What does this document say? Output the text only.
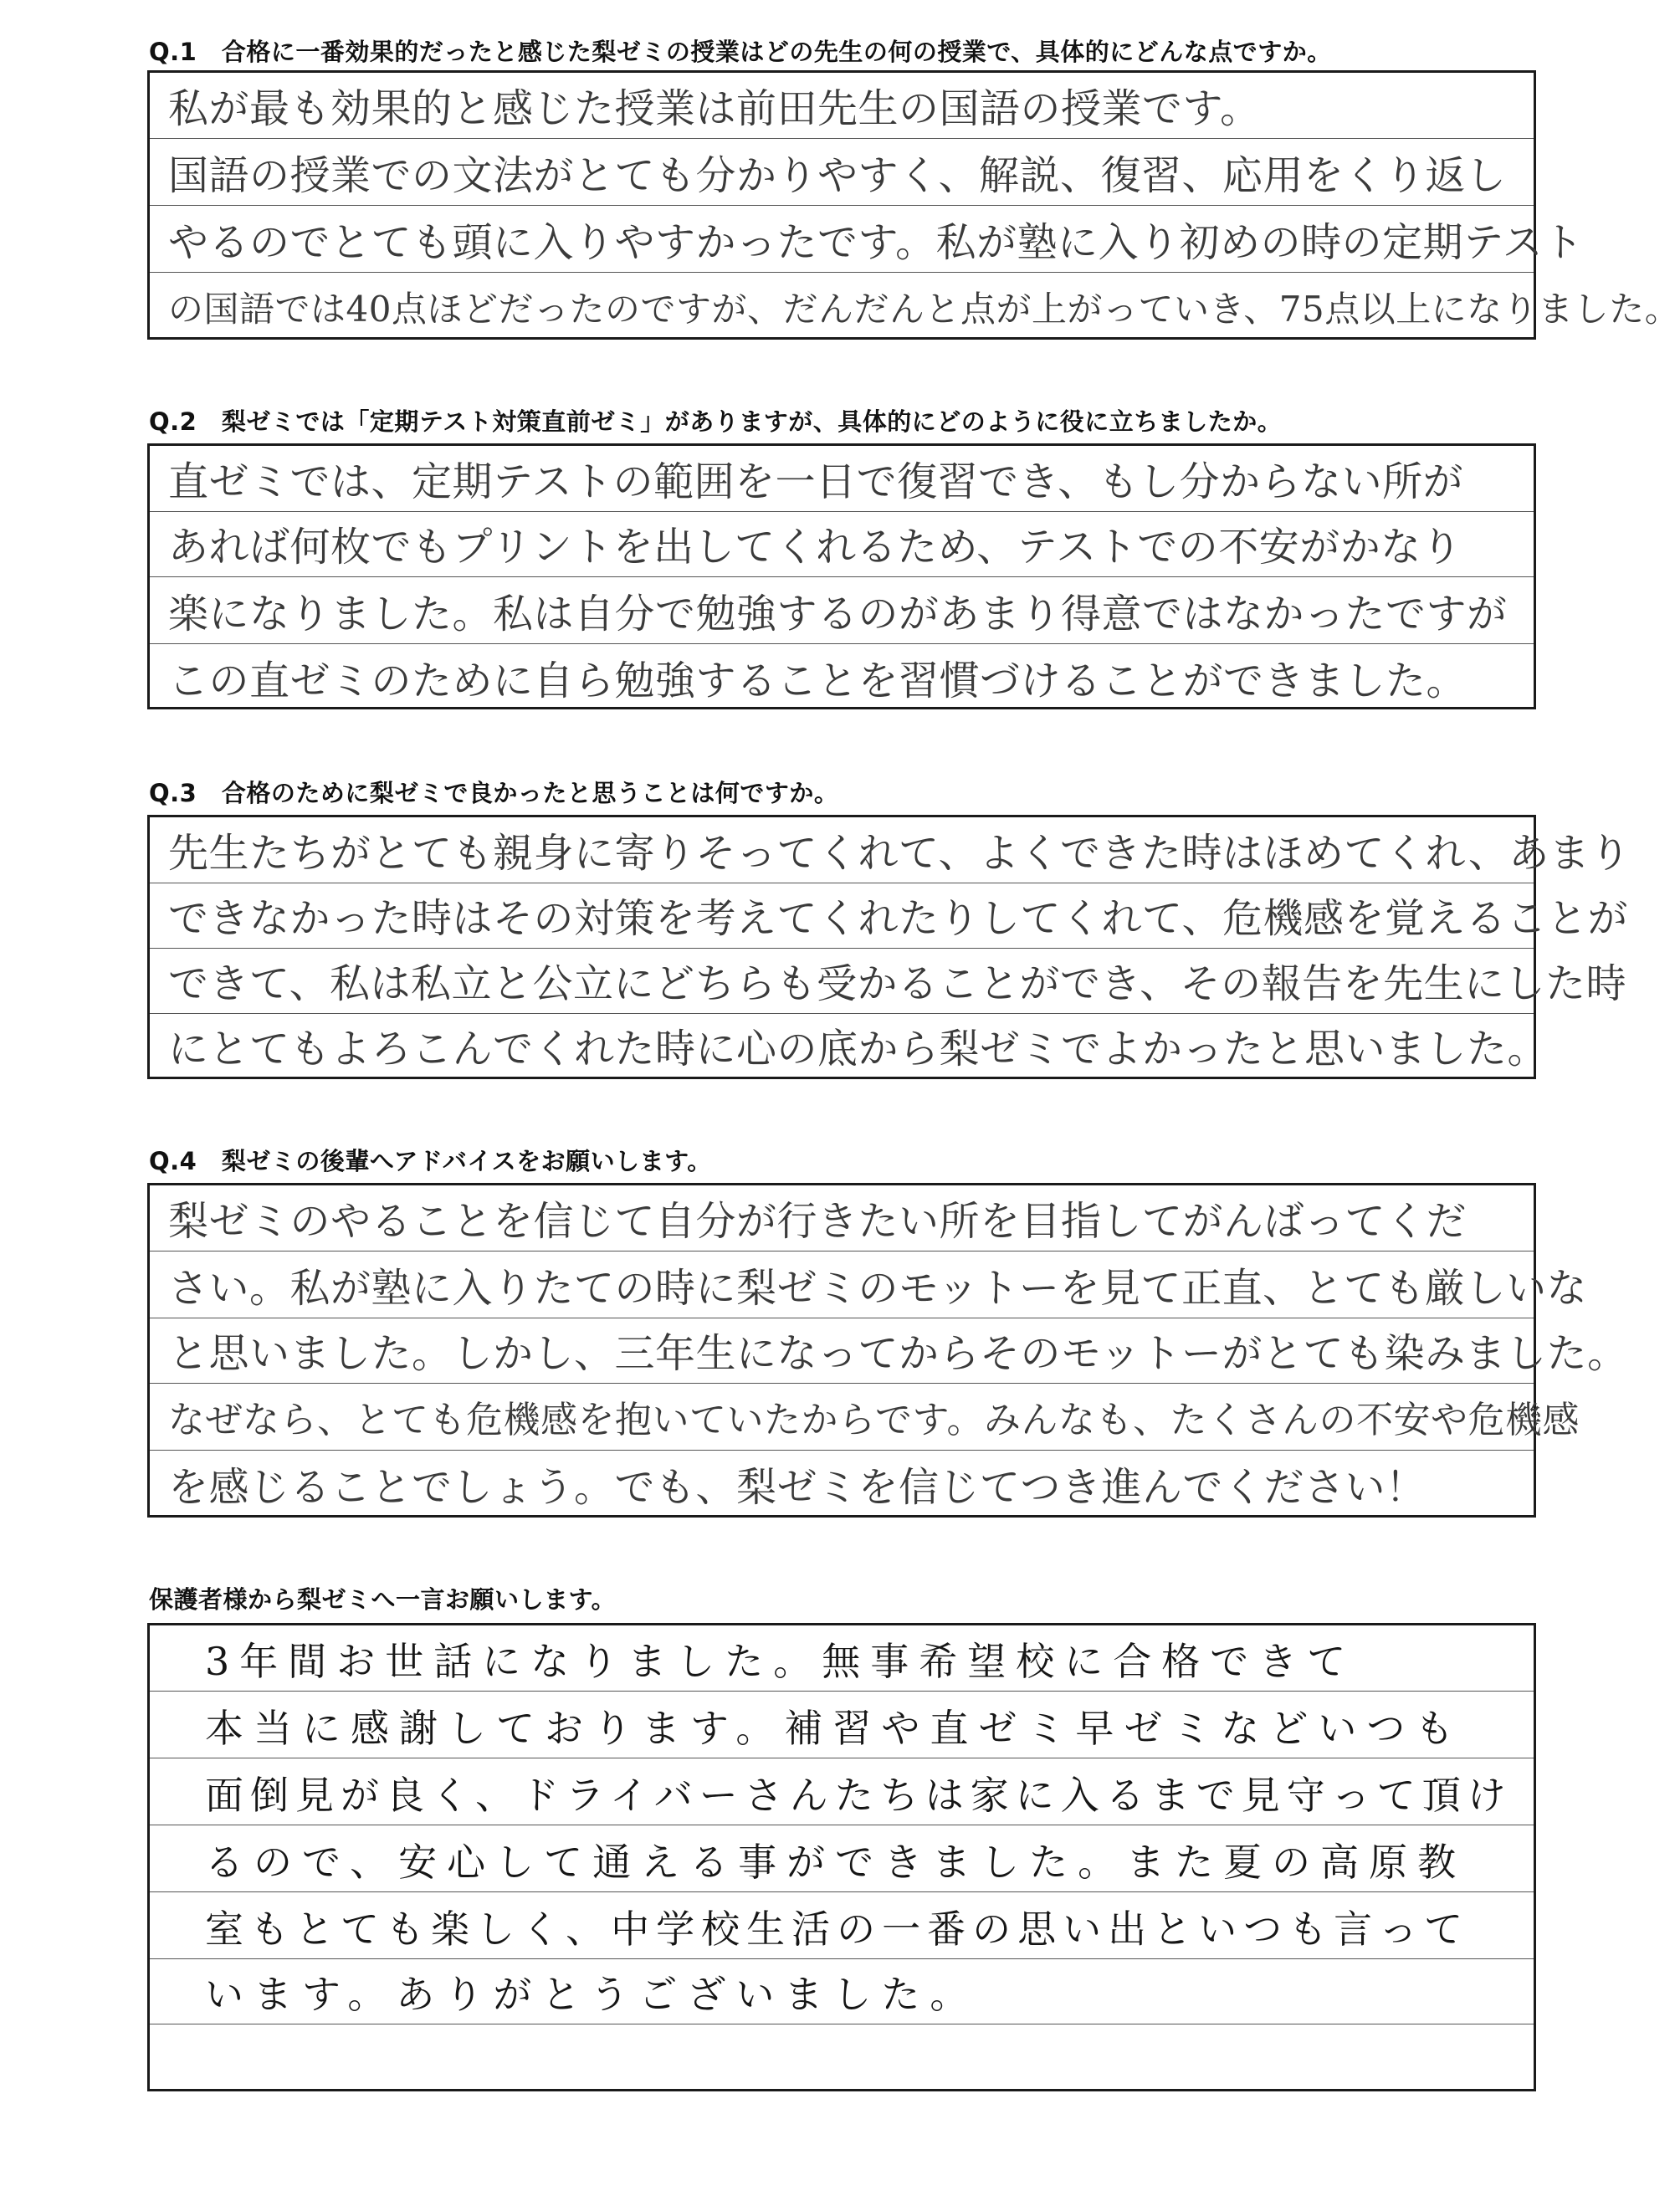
Q.1　合格に一番効果的だったと感じた梨ゼミの授業はどの先生の何の授業で、具体的にどんな点ですか。
私が最も効果的と感じた授業は前田先生の国語の授業です。
国語の授業での文法がとても分かりやすく、解説、復習、応用をくり返し
やるのでとても頭に入りやすかったです。私が塾に入り初めの時の定期テスト
の国語では40点ほどだったのですが、だんだんと点が上がっていき、75点以上になりました。
Q.2　梨ゼミでは「定期テスト対策直前ゼミ」がありますが、具体的にどのように役に立ちましたか。
直ゼミでは、定期テストの範囲を一日で復習でき、もし分からない所が
あれば何枚でもプリントを出してくれるため、テストでの不安がかなり
楽になりました。私は自分で勉強するのがあまり得意ではなかったですが
この直ゼミのために自ら勉強することを習慣づけることができました。
Q.3　合格のために梨ゼミで良かったと思うことは何ですか。
先生たちがとても親身に寄りそってくれて、よくできた時はほめてくれ、あまり
できなかった時はその対策を考えてくれたりしてくれて、危機感を覚えることが
できて、私は私立と公立にどちらも受かることができ、その報告を先生にした時
にとてもよろこんでくれた時に心の底から梨ゼミでよかったと思いました。
Q.4　梨ゼミの後輩へアドバイスをお願いします。
梨ゼミのやることを信じて自分が行きたい所を目指してがんばってくだ
さい。私が塾に入りたての時に梨ゼミのモットーを見て正直、とても厳しいな
と思いました。しかし、三年生になってからそのモットーがとても染みました。
なぜなら、とても危機感を抱いていたからです。みんなも、たくさんの不安や危機感
を感じることでしょう。でも、梨ゼミを信じてつき進んでください！
保護者様から梨ゼミへ一言お願いします。
3年間お世話になりました。無事希望校に合格できて
本当に感謝しております。補習や直ゼミ早ゼミなどいつも
面倒見が良く、ドライバーさんたちは家に入るまで見守って頂け
るので、安心して通える事ができました。また夏の高原教
室もとても楽しく、中学校生活の一番の思い出といつも言って
います。ありがとうございました。
